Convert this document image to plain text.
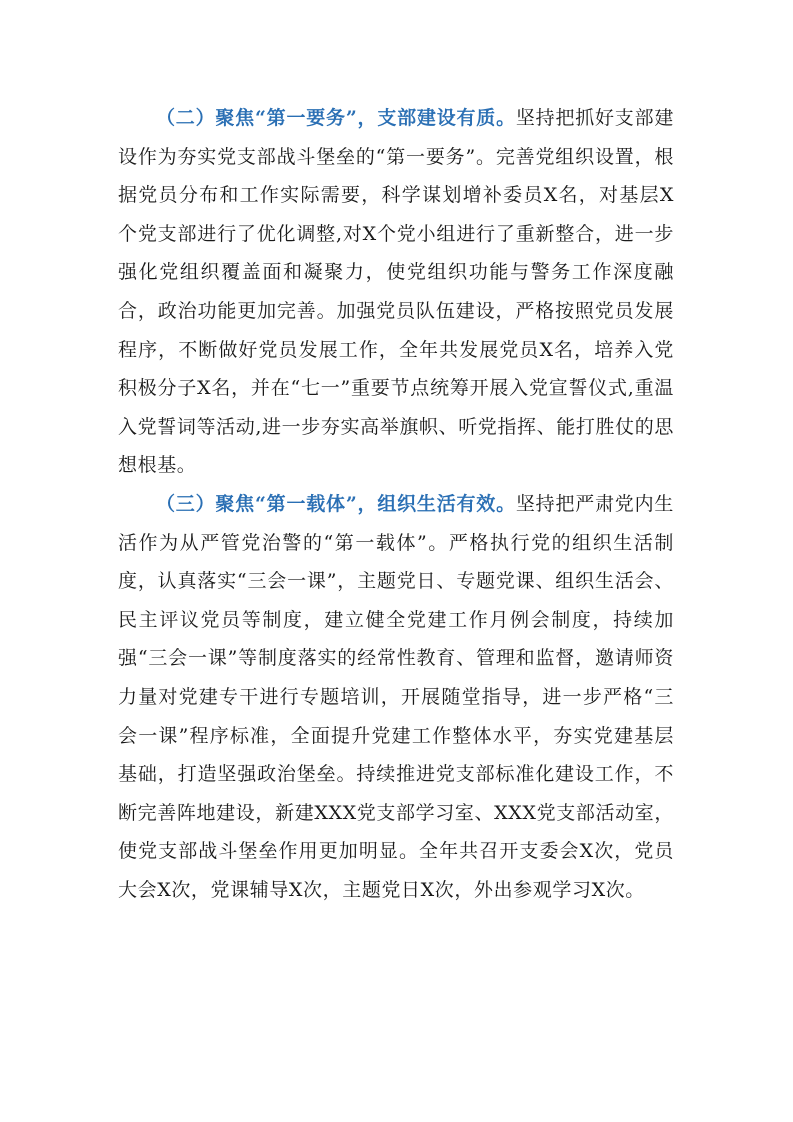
（二）聚焦“第一要务”，支部建设有质。坚持把抓好支部建设作为夯实党支部战斗堡垒的“第一要务”。完善党组织设置，根据党员分布和工作实际需要，科学谋划增补委员X名，对基层X个党支部进行了优化调整,对X个党小组进行了重新整合，进一步强化党组织覆盖面和凝聚力，使党组织功能与警务工作深度融合，政治功能更加完善。加强党员队伍建设，严格按照党员发展程序，不断做好党员发展工作，全年共发展党员X名，培养入党积极分子X名，并在“七一”重要节点统筹开展入党宣誓仪式,重温入党誓词等活动,进一步夯实高举旗帜、听党指挥、能打胜仗的思想根基。

（三）聚焦“第一载体”，组织生活有效。坚持把严肃党内生活作为从严管党治警的“第一载体”。严格执行党的组织生活制度，认真落实“三会一课”，主题党日、专题党课、组织生活会、民主评议党员等制度，建立健全党建工作月例会制度，持续加强“三会一课”等制度落实的经常性教育、管理和监督，邀请师资力量对党建专干进行专题培训，开展随堂指导，进一步严格“三会一课”程序标准，全面提升党建工作整体水平，夯实党建基层基础，打造坚强政治堡垒。持续推进党支部标准化建设工作，不断完善阵地建设，新建XXX党支部学习室、XXX党支部活动室，使党支部战斗堡垒作用更加明显。全年共召开支委会X次，党员大会X次，党课辅导X次，主题党日X次，外出参观学习X次。
